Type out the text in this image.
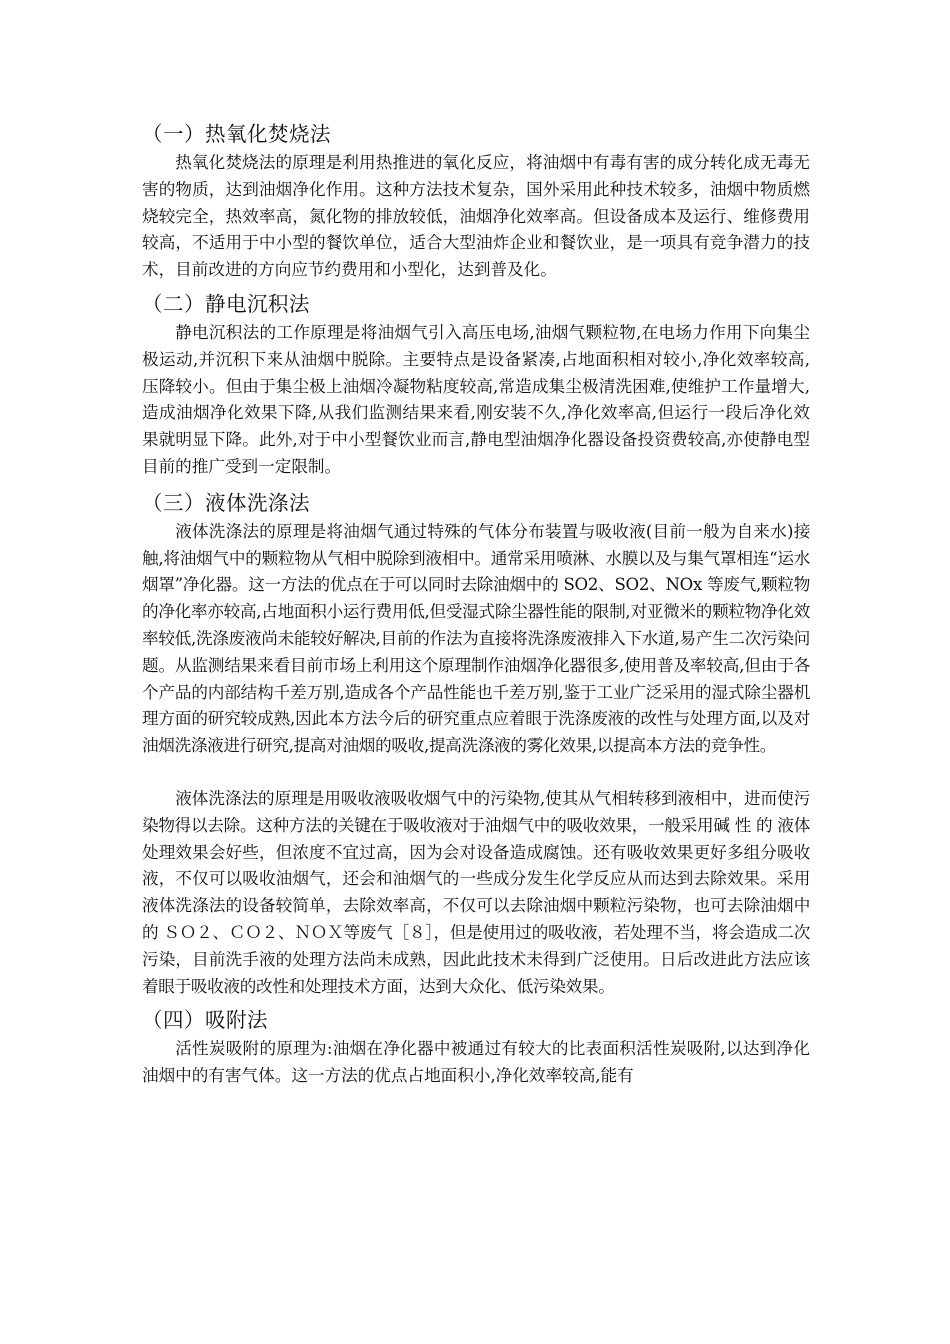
（一）热氧化焚烧法

热氧化焚烧法的原理是利用热推进的氧化反应，将油烟中有毒有害的成分转化成无毒无害的物质，达到油烟净化作用。这种方法技术复杂，国外采用此种技术较多，油烟中物质燃烧较完全，热效率高，氮化物的排放较低，油烟净化效率高。但设备成本及运行、维修费用较高，不适用于中小型的餐饮单位，适合大型油炸企业和餐饮业，是一项具有竞争潜力的技术，目前改进的方向应节约费用和小型化，达到普及化。

（二）静电沉积法

静电沉积法的工作原理是将油烟气引入高压电场,油烟气颗粒物,在电场力作用下向集尘极运动,并沉积下来从油烟中脱除。主要特点是设备紧凑,占地面积相对较小,净化效率较高,压降较小。但由于集尘极上油烟冷凝物粘度较高,常造成集尘极清洗困难,使维护工作量增大,造成油烟净化效果下降,从我们监测结果来看,刚安装不久,净化效率高,但运行一段后净化效果就明显下降。此外,对于中小型餐饮业而言,静电型油烟净化器设备投资费较高,亦使静电型目前的推广受到一定限制。

（三）液体洗涤法

液体洗涤法的原理是将油烟气通过特殊的气体分布装置与吸收液(目前一般为自来水)接触,将油烟气中的颗粒物从气相中脱除到液相中。通常采用喷淋、水膜以及与集气罩相连“运水烟罩”净化器。这一方法的优点在于可以同时去除油烟中的 SO2、SO2、NOx 等废气,颗粒物的净化率亦较高,占地面积小运行费用低,但受湿式除尘器性能的限制,对亚微米的颗粒物净化效率较低,洗涤废液尚未能较好解决,目前的作法为直接将洗涤废液排入下水道,易产生二次污染问题。从监测结果来看目前市场上利用这个原理制作油烟净化器很多,使用普及率较高,但由于各个产品的内部结构千差万别,造成各个产品性能也千差万别,鉴于工业广泛采用的湿式除尘器机理方面的研究较成熟,因此本方法今后的研究重点应着眼于洗涤废液的改性与处理方面,以及对油烟洗涤液进行研究,提高对油烟的吸收,提高洗涤液的雾化效果,以提高本方法的竞争性。

液体洗涤法的原理是用吸收液吸收烟气中的污染物,使其从气相转移到液相中，进而使污染物得以去除。这种方法的关键在于吸收液对于油烟气中的吸收效果，一般采用碱 性 的 液体处理效果会好些，但浓度不宜过高，因为会对设备造成腐蚀。还有吸收效果更好多组分吸收液，不仅可以吸收油烟气，还会和油烟气的一些成分发生化学反应从而达到去除效果。采用液体洗涤法的设备较简单，去除效率高，不仅可以去除油烟中颗粒污染物，也可去除油烟中的 ＳＯ２、ＣＯ２、ＮＯＸ等废气［８］，但是使用过的吸收液，若处理不当，将会造成二次污染，目前洗手液的处理方法尚未成熟，因此此技术未得到广泛使用。日后改进此方法应该着眼于吸收液的改性和处理技术方面，达到大众化、低污染效果。

（四）吸附法

活性炭吸附的原理为:油烟在净化器中被通过有较大的比表面积活性炭吸附,以达到净化油烟中的有害气体。这一方法的优点占地面积小,净化效率较高,能有
